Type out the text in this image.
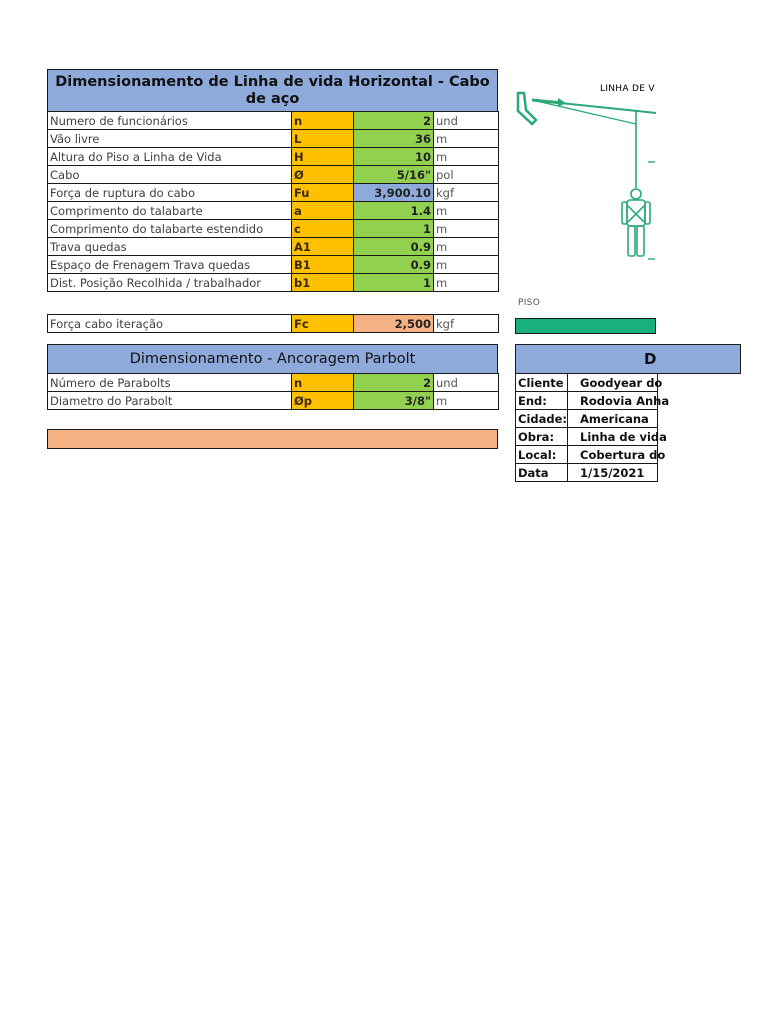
Dimensionamento de Linha de vida Horizontal - Cabo de aço
Numero de funcionários	n	2	und
Vão livre	L	36	m
Altura do Piso a Linha de Vida	H	10	m
Cabo	Ø	5/16"	pol
Força de ruptura do cabo	Fu	3,900.10	kgf
Comprimento do talabarte	a	1.4	m
Comprimento do talabarte estendido	c	1	m
Trava quedas	A1	0.9	m
Espaço de Frenagem Trava quedas	B1	0.9	m
Dist. Posição Recolhida / trabalhador	b1	1	m
Força cabo iteração	Fc	2,500	kgf
Dimensionamento - Ancoragem Parbolt
Número de Parabolts	n	2	und
Diametro do Parabolt	Øp	3/8"	m
LINHA DE V
PISO
D
Cliente	Goodyear do
End:	Rodovia Anha
Cidade:	Americana
Obra:	Linha de vida
Local:	Cobertura do
Data	1/15/2021
